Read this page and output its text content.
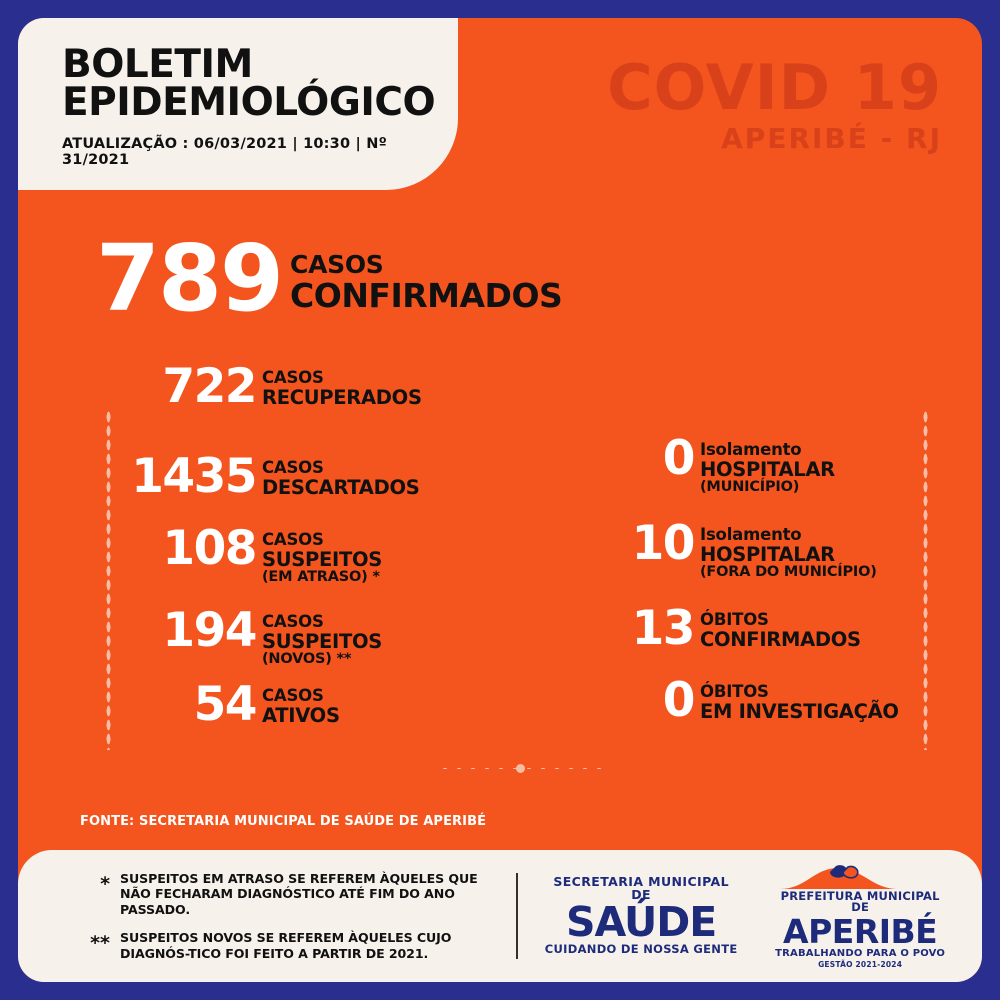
BOLETIM
EPIDEMIOLÓGICO
ATUALIZAÇÃO : 06/03/2021 | 10:30 | Nº 31/2021
COVID 19
APERIBÉ - RJ
789 CASOS
CONFIRMADOS
722 CASOS
RECUPERADOS
1435 CASOS
DESCARTADOS
108 CASOS
SUSPEITOS
(EM ATRASO) *
194 CASOS
SUSPEITOS
(NOVOS) **
54 CASOS
ATIVOS
0 Isolamento
HOSPITALAR
(MUNICÍPIO)
10 Isolamento
HOSPITALAR
(FORA DO MUNICÍPIO)
13 ÓBITOS
CONFIRMADOS
0 ÓBITOS
EM INVESTIGAÇÃO
FONTE: SECRETARIA MUNICIPAL DE SAÚDE DE APERIBÉ
* SUSPEITOS EM ATRASO SE REFEREM ÀQUELES QUE NÃO FECHARAM DIAGNÓSTICO ATÉ FIM DO ANO PASSADO.
** SUSPEITOS NOVOS SE REFEREM ÀQUELES CUJO DIAGNÓS-TICO FOI FEITO A PARTIR DE 2021.
SECRETARIA MUNICIPAL DE
SAÚDE
CUIDANDO DE NOSSA GENTE
PREFEITURA MUNICIPAL DE
APERIBÉ
TRABALHANDO PARA O POVO
GESTÃO 2021-2024
